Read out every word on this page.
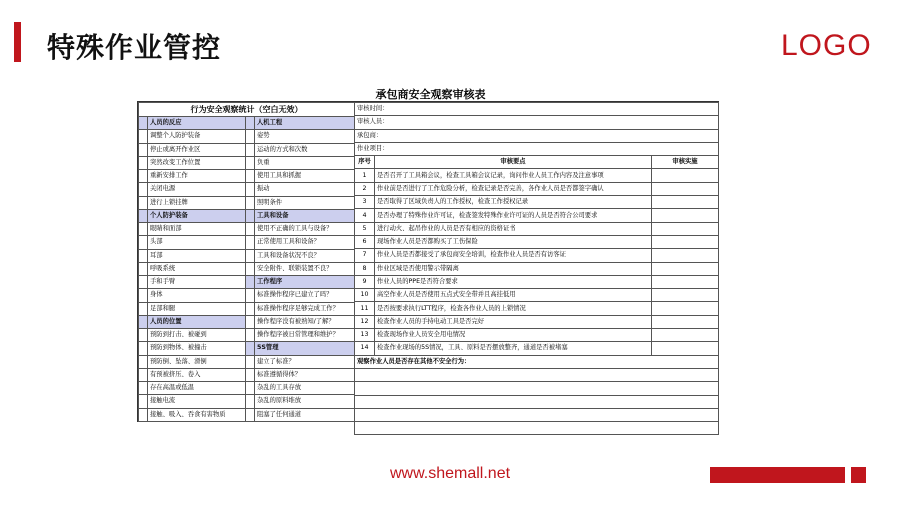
特殊作业管控	LOGO
承包商安全观察审核表
行为安全观察统计（空白无效）			
	人员的反应		人机工程
	调整个人防护装备		姿势
	停止或离开作业区		运动的方式和次数
	突然改变工作位置		负重
	重新安排工作		使用工具和抓握
	关闭电源		振动
	进行上锁挂牌		照明条件
	个人防护装备		工具和设备
	眼睛和面部		使用不正确的工具与设备？
	头部		正常使用工具和设备？
	耳部		工具和设备状况不良？
	呼吸系统		安全附件、联锁装置不良？
	手和手臂		工作程序
	身体		标准操作程序已建立了吗？
	足部和腿		标准操作程序足够完成工作？
	人员的位置		操作程序没有被熟知/了解？
	预防到打击、被碰到		操作程序被日常管理和维护？
	预防到物体、被撞击		5S管理
	预防倒、坠落、滑倒		建立了标准？
	有预被挤压、卷入		标准遵循得体？
	存在高温或低温		杂乱的工具存放
	接触电流		杂乱的原料堆放
	接触、吸入、吞食有害物质		阻塞了任何通道
审核时间：		
审核人员：		
承包商：		
作业项目：		
序号	审核要点	审核实施
1	是否召开了工具箱会议，检查工具箱会议记录，询问作业人员工作内容及注意事项	
2	作业前是否进行了工作危险分析，检查记录是否完善，各作业人员是否都签字确认	
3	是否取得了区域负责人的工作授权，检查工作授权记录	
4	是否办理了特殊作业许可证，检查签发特殊作业许可证的人员是否符合公司要求	
5	进行动火、起吊作业的人员是否有相应的资格证书	
6	现场作业人员是否都购买了工伤保险	
7	作业人员是否都接受了承包商安全培训，检查作业人员是否有访客证	
8	作业区域是否使用警示带隔离	
9	作业人员的PPE是否符合要求	
10	高空作业人员是否使用五点式安全带并且高挂低用	
11	是否按要求执行LTT程序，检查各作业人员的上锁情况	
12	检查作业人员的手持电动工具是否完好	
13	检查现场作业人员安全用电情况	
14	检查作业现场的5S情况，工具、原料是否摆放整齐，通道是否被堵塞	
观察作业人员是否存在其他不安全行为：		

www.shemall.net
